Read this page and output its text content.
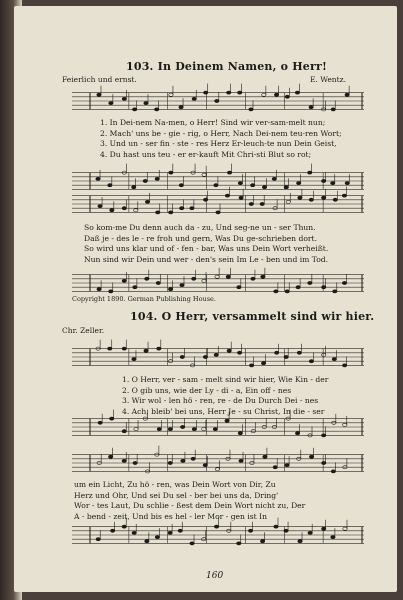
103. In Deinem Namen, o Herr!
Feierlich und ernst.	E. Wentz.
1. In Dei-nem Na-men, o Herr! Sind wir ver-sam-melt nun;
2. Mach' uns be - gie - rig, o Herr, Nach Dei-nem teu-ren Wort;
3. Und un - ser fin - ste - res Herz Er-leuch-te nun Dein Geist,
4. Du hast uns teu - er er-kauft Mit Chri-sti Blut so rot;
So kom-me Du denn auch da - zu, Und seg-ne un - ser Thun.
Daß je - des le - re froh und gern, Was Du ge-schrieben dort.
So wird uns klar und of - fen - bar, Was uns Dein Wort verheißt.
Nun sind wir Dein und wer - den's sein Im Le - ben und im Tod.
Copyright 1890. German Publishing House.
104. O Herr, versammelt sind wir hier.
Chr. Zeller.
1. O Herr, ver - sam - melt sind wir hier, Wie Kin - der
2. O gib uns, wie der Ly - di - a, Ein off - nes
3. Wir wol - len hö - ren, re - de Du Durch Dei - nes
4. Ach, bleib' bei uns, Herr Je - su Christ, In die - ser
um ein Licht, Zu hö - ren, was Dein Wort von Dir, Zu
Herz und Ohr, Und sei Du sel - ber bei uns da, Dring'
Wor - tes Laut, Du schlie - ßest dem Dein Wort nicht zu, Der
A - bend - zeit, Und bis es hel - ler Mor - gen ist In
160
